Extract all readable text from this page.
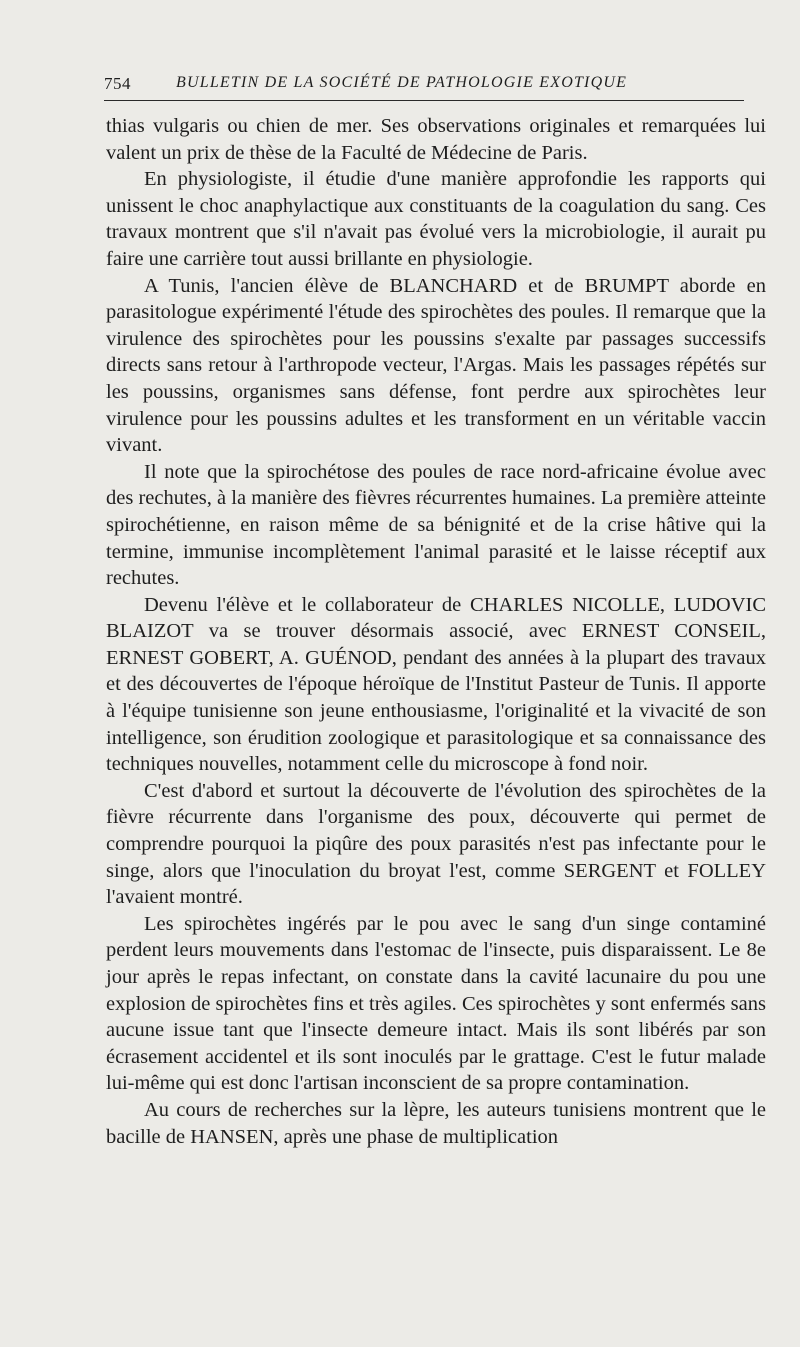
754	BULLETIN DE LA SOCIÉTÉ DE PATHOLOGIE EXOTIQUE

thias vulgaris ou chien de mer. Ses observations originales et remarquées lui valent un prix de thèse de la Faculté de Médecine de Paris.

En physiologiste, il étudie d'une manière approfondie les rapports qui unissent le choc anaphylactique aux constituants de la coagulation du sang. Ces travaux montrent que s'il n'avait pas évolué vers la microbiologie, il aurait pu faire une carrière tout aussi brillante en physiologie.

A Tunis, l'ancien élève de BLANCHARD et de BRUMPT aborde en parasitologue expérimenté l'étude des spirochètes des poules. Il remarque que la virulence des spirochètes pour les poussins s'exalte par passages successifs directs sans retour à l'arthropode vecteur, l'Argas. Mais les passages répétés sur les poussins, organismes sans défense, font perdre aux spirochètes leur virulence pour les poussins adultes et les transforment en un véritable vaccin vivant.

Il note que la spirochétose des poules de race nord-africaine évolue avec des rechutes, à la manière des fièvres récurrentes humaines. La première atteinte spirochétienne, en raison même de sa bénignité et de la crise hâtive qui la termine, immunise incomplètement l'animal parasité et le laisse réceptif aux rechutes.

Devenu l'élève et le collaborateur de CHARLES NICOLLE, LUDOVIC BLAIZOT va se trouver désormais associé, avec ERNEST CONSEIL, ERNEST GOBERT, A. GUÉNOD, pendant des années à la plupart des travaux et des découvertes de l'époque héroïque de l'Institut Pasteur de Tunis. Il apporte à l'équipe tunisienne son jeune enthousiasme, l'originalité et la vivacité de son intelligence, son érudition zoologique et parasitologique et sa connaissance des techniques nouvelles, notamment celle du microscope à fond noir.

C'est d'abord et surtout la découverte de l'évolution des spirochètes de la fièvre récurrente dans l'organisme des poux, découverte qui permet de comprendre pourquoi la piqûre des poux parasités n'est pas infectante pour le singe, alors que l'inoculation du broyat l'est, comme SERGENT et FOLLEY l'avaient montré.

Les spirochètes ingérés par le pou avec le sang d'un singe contaminé perdent leurs mouvements dans l'estomac de l'insecte, puis disparaissent. Le 8e jour après le repas infectant, on constate dans la cavité lacunaire du pou une explosion de spirochètes fins et très agiles. Ces spirochètes y sont enfermés sans aucune issue tant que l'insecte demeure intact. Mais ils sont libérés par son écrasement accidentel et ils sont inoculés par le grattage. C'est le futur malade lui-même qui est donc l'artisan inconscient de sa propre contamination.

Au cours de recherches sur la lèpre, les auteurs tunisiens montrent que le bacille de HANSEN, après une phase de multiplication
